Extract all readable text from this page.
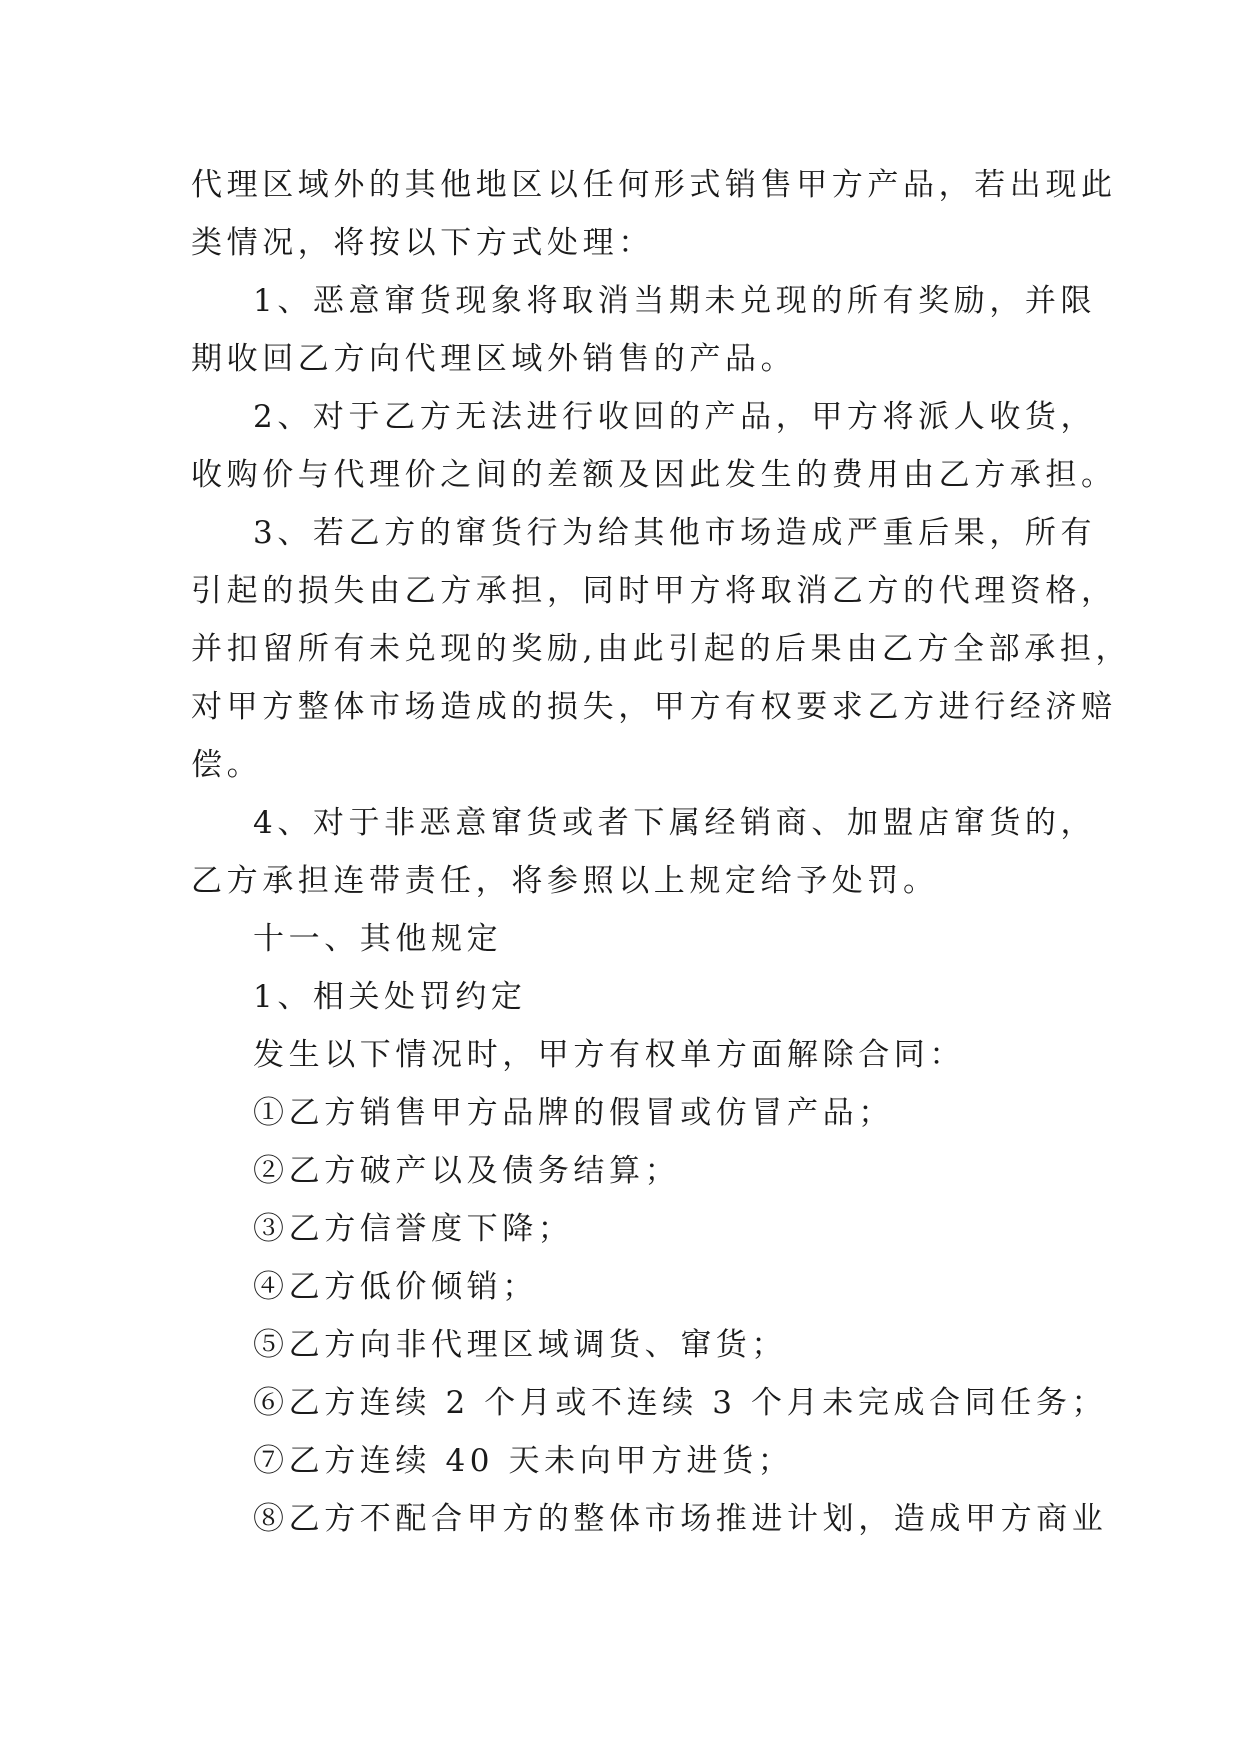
代理区域外的其他地区以任何形式销售甲方产品，若出现此
类情况，将按以下方式处理：
1、恶意窜货现象将取消当期未兑现的所有奖励，并限
期收回乙方向代理区域外销售的产品。
2、对于乙方无法进行收回的产品，甲方将派人收货，
收购价与代理价之间的差额及因此发生的费用由乙方承担。
3、若乙方的窜货行为给其他市场造成严重后果，所有
引起的损失由乙方承担，同时甲方将取消乙方的代理资格，
并扣留所有未兑现的奖励,由此引起的后果由乙方全部承担，
对甲方整体市场造成的损失，甲方有权要求乙方进行经济赔
偿。
4、对于非恶意窜货或者下属经销商、加盟店窜货的，
乙方承担连带责任，将参照以上规定给予处罚。
十一、其他规定
1、相关处罚约定
发生以下情况时，甲方有权单方面解除合同：
①乙方销售甲方品牌的假冒或仿冒产品；
②乙方破产以及债务结算；
③乙方信誉度下降；
④乙方低价倾销；
⑤乙方向非代理区域调货、窜货；
⑥乙方连续 2 个月或不连续 3 个月未完成合同任务；
⑦乙方连续 40 天未向甲方进货；
⑧乙方不配合甲方的整体市场推进计划，造成甲方商业
